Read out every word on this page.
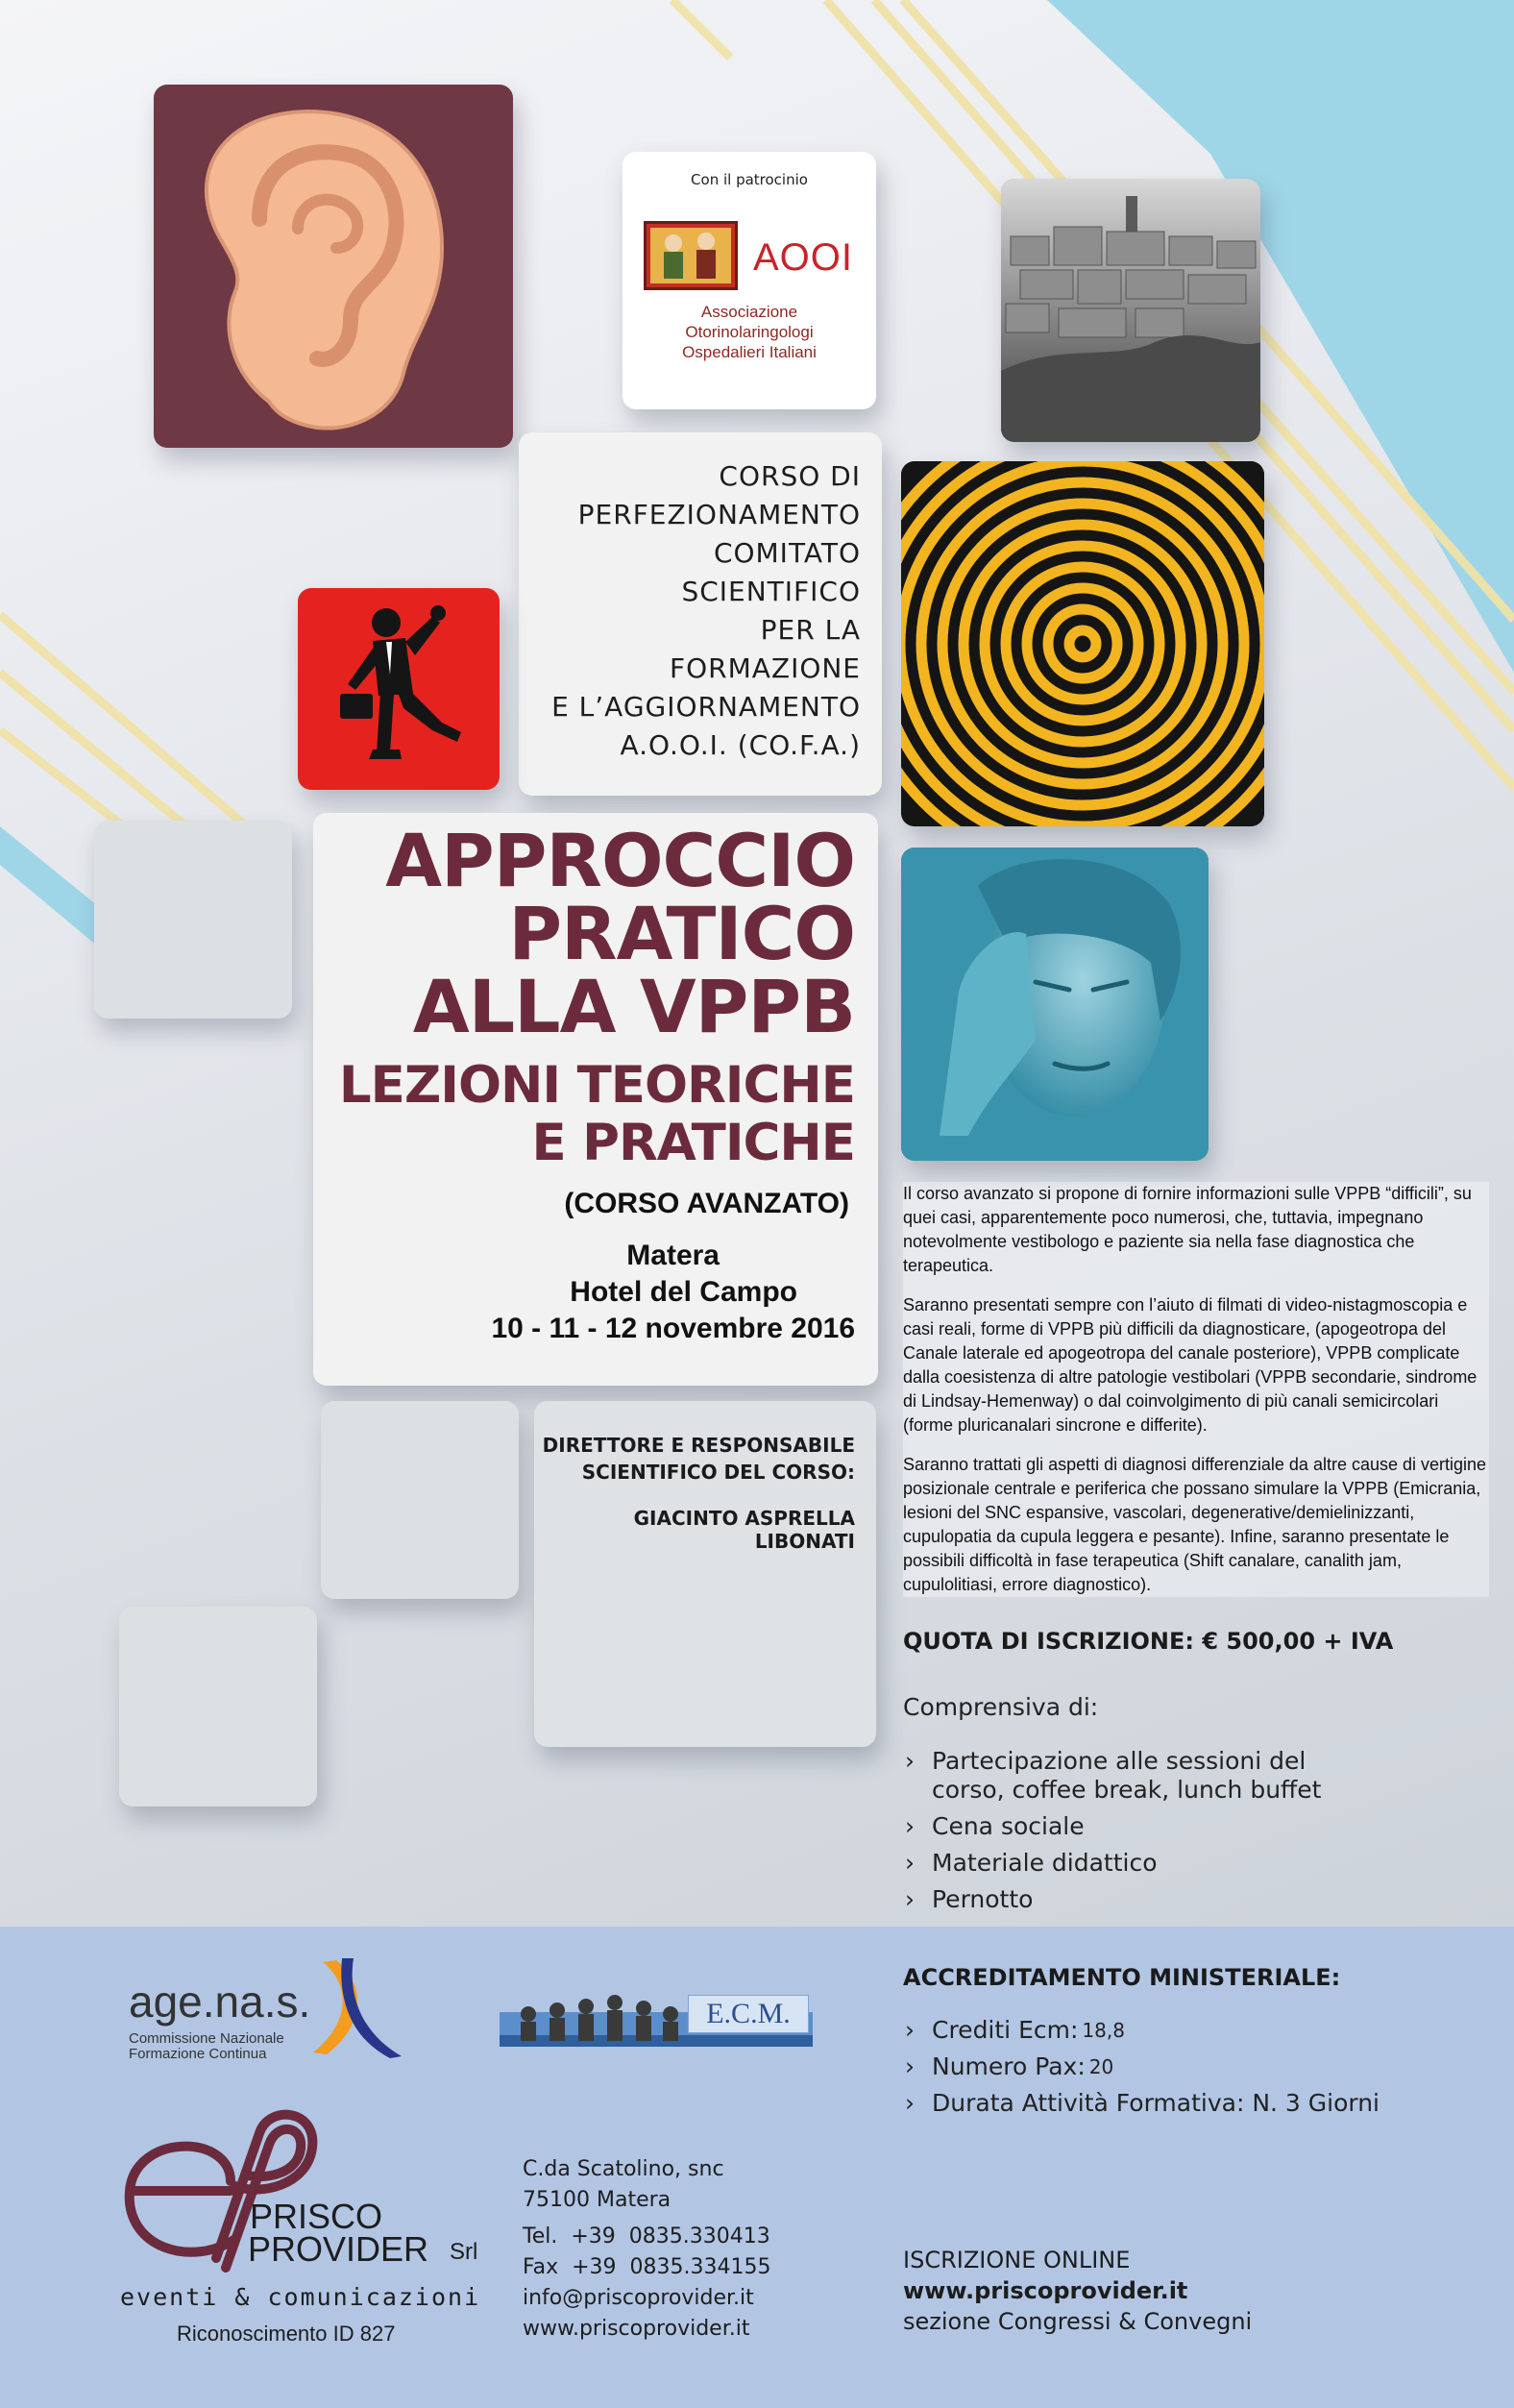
Con il patrocinio
AOOI
Associazione
Otorinolaringologi
Ospedalieri Italiani
CORSO DI
PERFEZIONAMENTO
COMITATO
SCIENTIFICO
PER LA
FORMAZIONE
E L’AGGIORNAMENTO
A.O.O.I. (CO.F.A.)
APPROCCIO
PRATICO
ALLA VPPB
LEZIONI TEORICHE
E PRATICHE
(CORSO AVANZATO)
Matera
Hotel del Campo
10 - 11 - 12 novembre 2016

Il corso avanzato si propone di fornire informazioni sulle VPPB “difficili”, su quei casi, apparentemente poco numerosi, che, tuttavia, impegnano notevolmente vestibologo e paziente sia nella fase diagnostica che terapeutica.

Saranno presentati sempre con l’aiuto di filmati di video-nistagmoscopia e casi reali, forme di VPPB più difficili da diagnosticare, (apogeotropa del Canale laterale ed apogeotropa del canale posteriore), VPPB complicate dalla coesistenza di altre patologie vestibolari (VPPB secondarie, sindrome di Lindsay-Hemenway) o dal coinvolgimento di più canali semicircolari (forme pluricanalari sincrone e differite).

Saranno trattati gli aspetti di diagnosi differenziale da altre cause di vertigine posizionale centrale e periferica che possano simulare la VPPB (Emicrania, lesioni del SNC espansive, vascolari, degenerative/demielinizzanti, cupulopatia da cupula leggera e pesante). Infine, saranno presentate le possibili difficoltà in fase terapeutica (Shift canalare, canalith jam, cupulolitiasi, errore diagnostico).

DIRETTORE E RESPONSABILE
SCIENTIFICO DEL CORSO:
GIACINTO ASPRELLA LIBONATI
QUOTA DI ISCRIZIONE: € 500,00 + IVA
Comprensiva di:
› Partecipazione alle sessioni del corso, coffee break, lunch buffet
› Cena sociale
› Materiale didattico
› Pernotto
age.na.s.
Commissione Nazionale
Formazione Continua
E.C.M.
ACCREDITAMENTO MINISTERIALE:
› Crediti Ecm: $^{18,8}$
› Numero Pax: $^{20}$
› Durata Attività Formativa: N. 3 Giorni
PRISCO
PROVIDER Srl
eventi & comunicazioni
Riconoscimento ID 827
C.da Scatolino, snc
75100 Matera
Tel.  +39  0835.330413
Fax  +39  0835.334155
info@priscoprovider.it
www.priscoprovider.it
ISCRIZIONE ONLINE
www.priscoprovider.it
sezione Congressi & Convegni
